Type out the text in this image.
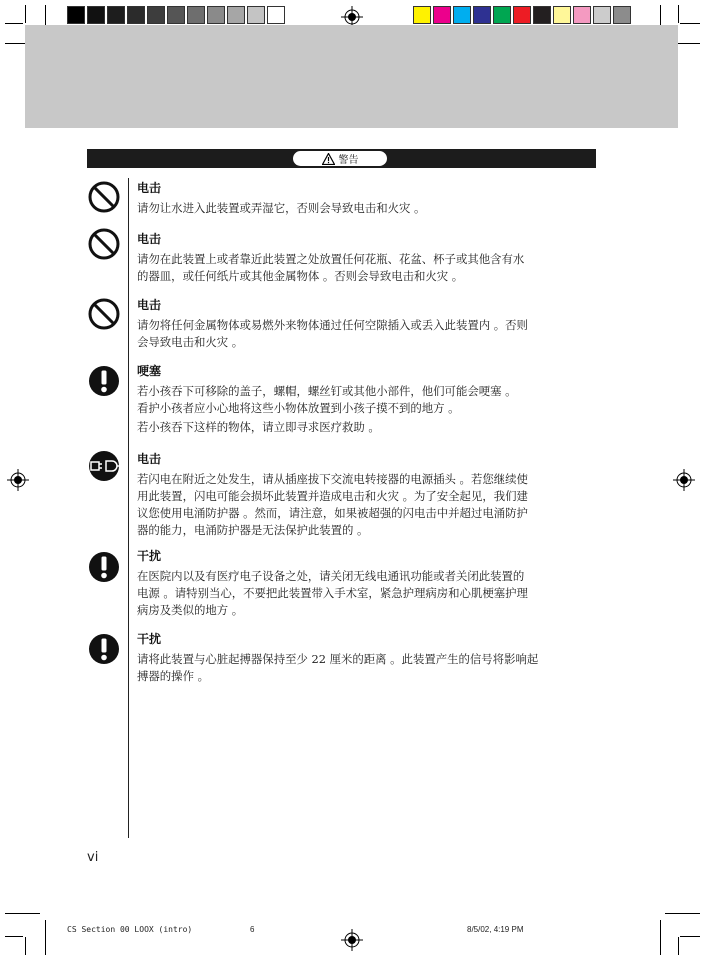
警告
电击
请勿让水进入此装置或弄湿它，否则会导致电击和火灾 。
电击
请勿在此装置上或者靠近此装置之处放置任何花瓶、花盆、杯子或其他含有水
的器皿，或任何纸片或其他金属物体 。否则会导致电击和火灾 。
电击
请勿将任何金属物体或易燃外来物体通过任何空隙插入或丢入此装置内 。否则
会导致电击和火灾 。
哽塞
若小孩吞下可移除的盖子，螺帽，螺丝钉或其他小部件，他们可能会哽塞 。
看护小孩者应小心地将这些小物体放置到小孩子摸不到的地方 。
若小孩吞下这样的物体，请立即寻求医疗救助 。
电击
若闪电在附近之处发生，请从插座拔下交流电转接器的电源插头 。若您继续使
用此装置，闪电可能会损坏此装置并造成电击和火灾 。为了安全起见，我们建
议您使用电涌防护器 。然而，请注意，如果被超强的闪电击中并超过电涌防护
器的能力，电涌防护器是无法保护此装置的 。
干扰
在医院内以及有医疗电子设备之处，请关闭无线电通讯功能或者关闭此装置的
电源 。请特别当心，不要把此装置带入手术室，紧急护理病房和心肌梗塞护理
病房及类似的地方 。
干扰
请将此装置与心脏起搏器保持至少 22 厘米的距离 。此装置产生的信号将影响起
搏器的操作 。
vi
CS Section 00 LOOX (intro)	6	8/5/02, 4:19 PM
